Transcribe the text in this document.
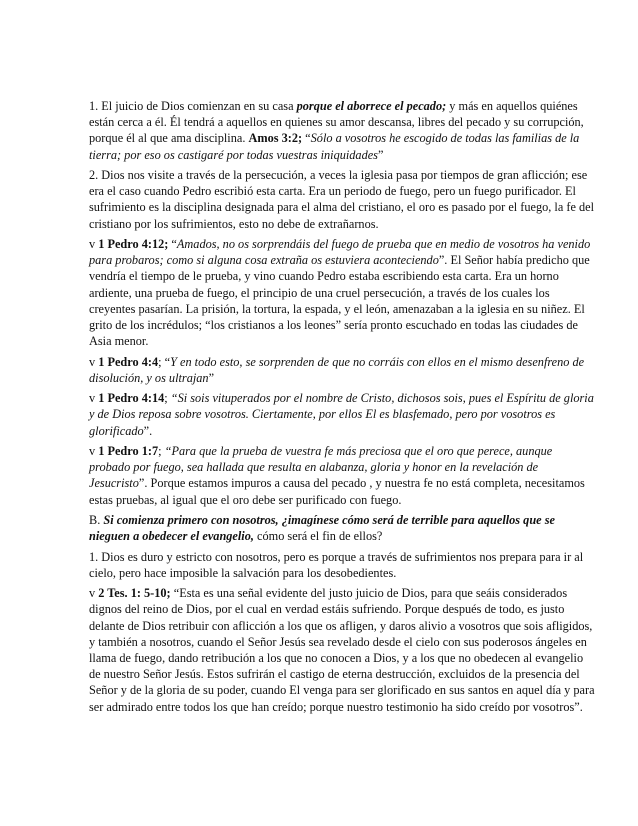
1. El juicio de Dios comienzan en su casa porque el aborrece el pecado; y más en aquellos quiénes están cerca a él. Él tendrá a aquellos en quienes su amor descansa, libres del pecado y su corrupción, porque él al que ama disciplina. Amos 3:2; “Sólo a vosotros he escogido de todas las familias de la tierra; por eso os castigaré por todas vuestras iniquidades”

2. Dios nos visite a través de la persecución, a veces la iglesia pasa por tiempos de gran aflicción; ese era el caso cuando Pedro escribió esta carta. Era un periodo de fuego, pero un fuego purificador. El sufrimiento es la disciplina designada para el alma del cristiano, el oro es pasado por el fuego, la fe del cristiano por los sufrimientos, esto no debe de extrañarnos.

v 1 Pedro 4:12; “Amados, no os sorprendáis del fuego de prueba que en medio de vosotros ha venido para probaros; como si alguna cosa extraña os estuviera aconteciendo”. El Señor había predicho que vendría el tiempo de le prueba, y vino cuando Pedro estaba escribiendo esta carta. Era un horno ardiente, una prueba de fuego, el principio de una cruel persecución, a través de los cuales los creyentes pasarían. La prisión, la tortura, la espada, y el león, amenazaban a la iglesia en su niñez. El grito de los incrédulos; “los cristianos a los leones” sería pronto escuchado en todas las ciudades de Asia menor.

v 1 Pedro 4:4; “Y en todo esto, se sorprenden de que no corráis con ellos en el mismo desenfreno de disolución, y os ultrajan”

v 1 Pedro 4:14; “Si sois vituperados por el nombre de Cristo, dichosos sois, pues el Espíritu de gloria y de Dios reposa sobre vosotros. Ciertamente, por ellos El es blasfemado, pero por vosotros es glorificado”.

v 1 Pedro 1:7; “Para que la prueba de vuestra fe más preciosa que el oro que perece, aunque probado por fuego, sea hallada que resulta en alabanza, gloria y honor en la revelación de Jesucristo”. Porque estamos impuros a causa del pecado , y nuestra fe no está completa, necesitamos estas pruebas, al igual que el oro debe ser purificado con fuego.

B. Si comienza primero con nosotros, ¿imagínese cómo será de terrible para aquellos que se nieguen a obedecer el evangelio, cómo será el fin de ellos?

1. Dios es duro y estricto con nosotros, pero es porque a través de sufrimientos nos prepara para ir al cielo, pero hace imposible la salvación para los desobedientes.

v 2 Tes. 1: 5-10; “Esta es una señal evidente del justo juicio de Dios, para que seáis considerados dignos del reino de Dios, por el cual en verdad estáis sufriendo. Porque después de todo, es justo delante de Dios retribuir con aflicción a los que os afligen, y daros alivio a vosotros que sois afligidos, y también a nosotros, cuando el Señor Jesús sea revelado desde el cielo con sus poderosos ángeles en llama de fuego, dando retribución a los que no conocen a Dios, y a los que no obedecen al evangelio de nuestro Señor Jesús. Estos sufrirán el castigo de eterna destrucción, excluidos de la presencia del Señor y de la gloria de su poder, cuando El venga para ser glorificado en sus santos en aquel día y para ser admirado entre todos los que han creído; porque nuestro testimonio ha sido creído por vosotros”.
